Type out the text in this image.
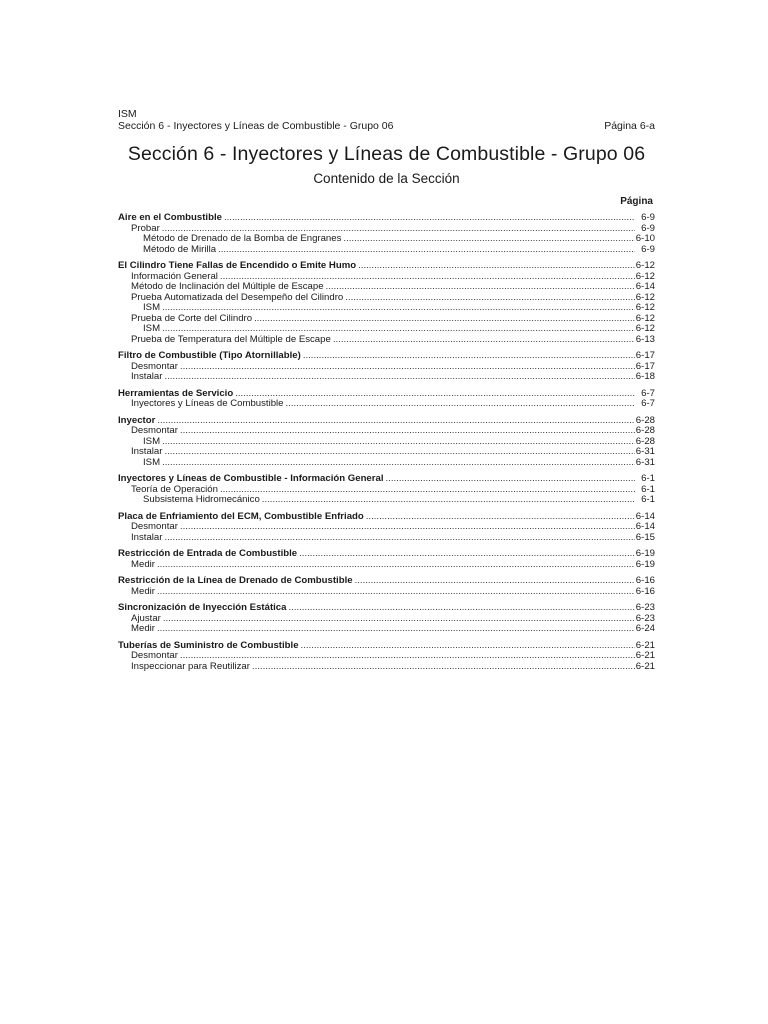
ISM
Sección 6 - Inyectores y Líneas de Combustible - Grupo 06	Página 6-a
Sección 6 - Inyectores y Líneas de Combustible - Grupo 06
Contenido de la Sección
Página
Aire en el Combustible .....	6-9
Probar .....	6-9
Método de Drenado de la Bomba de Engranes .....	6-10
Método de Mirilla .....	6-9
El Cilindro Tiene Fallas de Encendido o Emite Humo .....	6-12
Información General .....	6-12
Método de Inclinación del Múltiple de Escape .....	6-14
Prueba Automatizada del Desempeño del Cilindro .....	6-12
ISM .....	6-12
Prueba de Corte del Cilindro .....	6-12
ISM .....	6-12
Prueba de Temperatura del Múltiple de Escape .....	6-13
Filtro de Combustible (Tipo Atornillable) .....	6-17
Desmontar .....	6-17
Instalar .....	6-18
Herramientas de Servicio .....	6-7
Inyectores y Líneas de Combustible .....	6-7
Inyector .....	6-28
Desmontar .....	6-28
ISM .....	6-28
Instalar .....	6-31
ISM .....	6-31
Inyectores y Líneas de Combustible - Información General .....	6-1
Teoría de Operación .....	6-1
Subsistema Hidromecánico .....	6-1
Placa de Enfriamiento del ECM, Combustible Enfriado .....	6-14
Desmontar .....	6-14
Instalar .....	6-15
Restricción de Entrada de Combustible .....	6-19
Medir .....	6-19
Restricción de la Línea de Drenado de Combustible .....	6-16
Medir .....	6-16
Sincronización de Inyección Estática .....	6-23
Ajustar .....	6-23
Medir .....	6-24
Tuberías de Suministro de Combustible .....	6-21
Desmontar .....	6-21
Inspeccionar para Reutilizar .....	6-21
